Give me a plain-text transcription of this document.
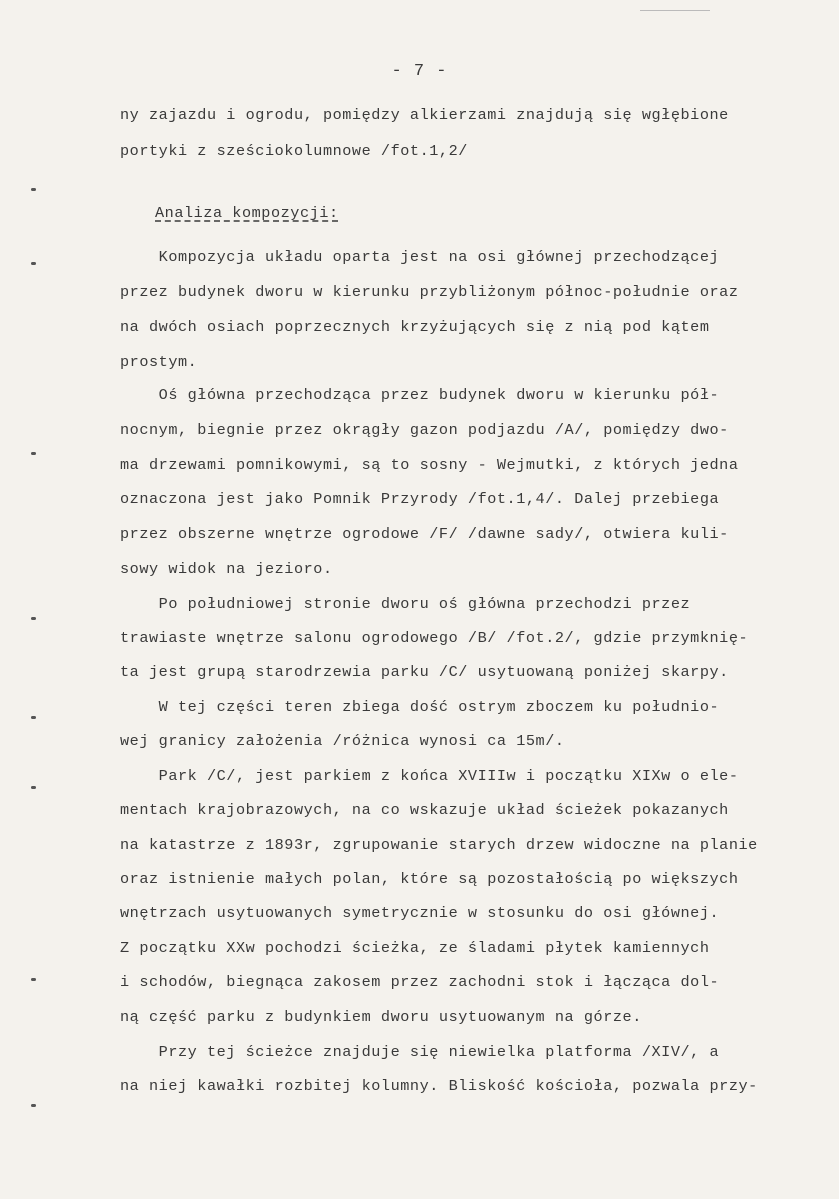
- 7 -
ny zajazdu i ogrodu, pomiędzy alkierzami znajdują się wgłębione
portyki z sześciokolumnowe /fot.1,2/
Analiza kompozycji:
Kompozycja układu oparta jest na osi głównej przechodzącej
przez budynek dworu w kierunku przybliżonym północ-południe oraz
na dwóch osiach poprzecznych krzyżujących się z nią pod kątem
prostym.
Oś główna przechodząca przez budynek dworu w kierunku pół-
nocnym, biegnie przez okrągły gazon podjazdu /A/, pomiędzy dwo-
ma drzewami pomnikowymi, są to sosny - Wejmutki, z których jedna
oznaczona jest jako Pomnik Przyrody /fot.1,4/. Dalej przebiega
przez obszerne wnętrze ogrodowe /F/ /dawne sady/, otwiera kuli-
sowy widok na jezioro.
Po południowej stronie dworu oś główna przechodzi przez
trawiaste wnętrze salonu ogrodowego /B/ /fot.2/, gdzie przymknię-
ta jest grupą starodrzewia parku /C/ usytuowaną poniżej skarpy.
W tej części teren zbiega dość ostrym zboczem ku południo-
wej granicy założenia /różnica wynosi ca 15m/.
Park /C/, jest parkiem z końca XVIIIw i początku XIXw o ele-
mentach krajobrazowych, na co wskazuje układ ścieżek pokazanych
na katastrze z 1893r, zgrupowanie starych drzew widoczne na planie
oraz istnienie małych polan, które są pozostałością po większych
wnętrzach usytuowanych symetrycznie w stosunku do osi głównej.
Z początku XXw pochodzi ścieżka, ze śladami płytek kamiennych
i schodów, biegnąca zakosem przez zachodni stok i łącząca dol-
ną część parku z budynkiem dworu usytuowanym na górze.
Przy tej ścieżce znajduje się niewielka platforma /XIV/, a
na niej kawałki rozbitej kolumny. Bliskość kościoła, pozwala przy-
